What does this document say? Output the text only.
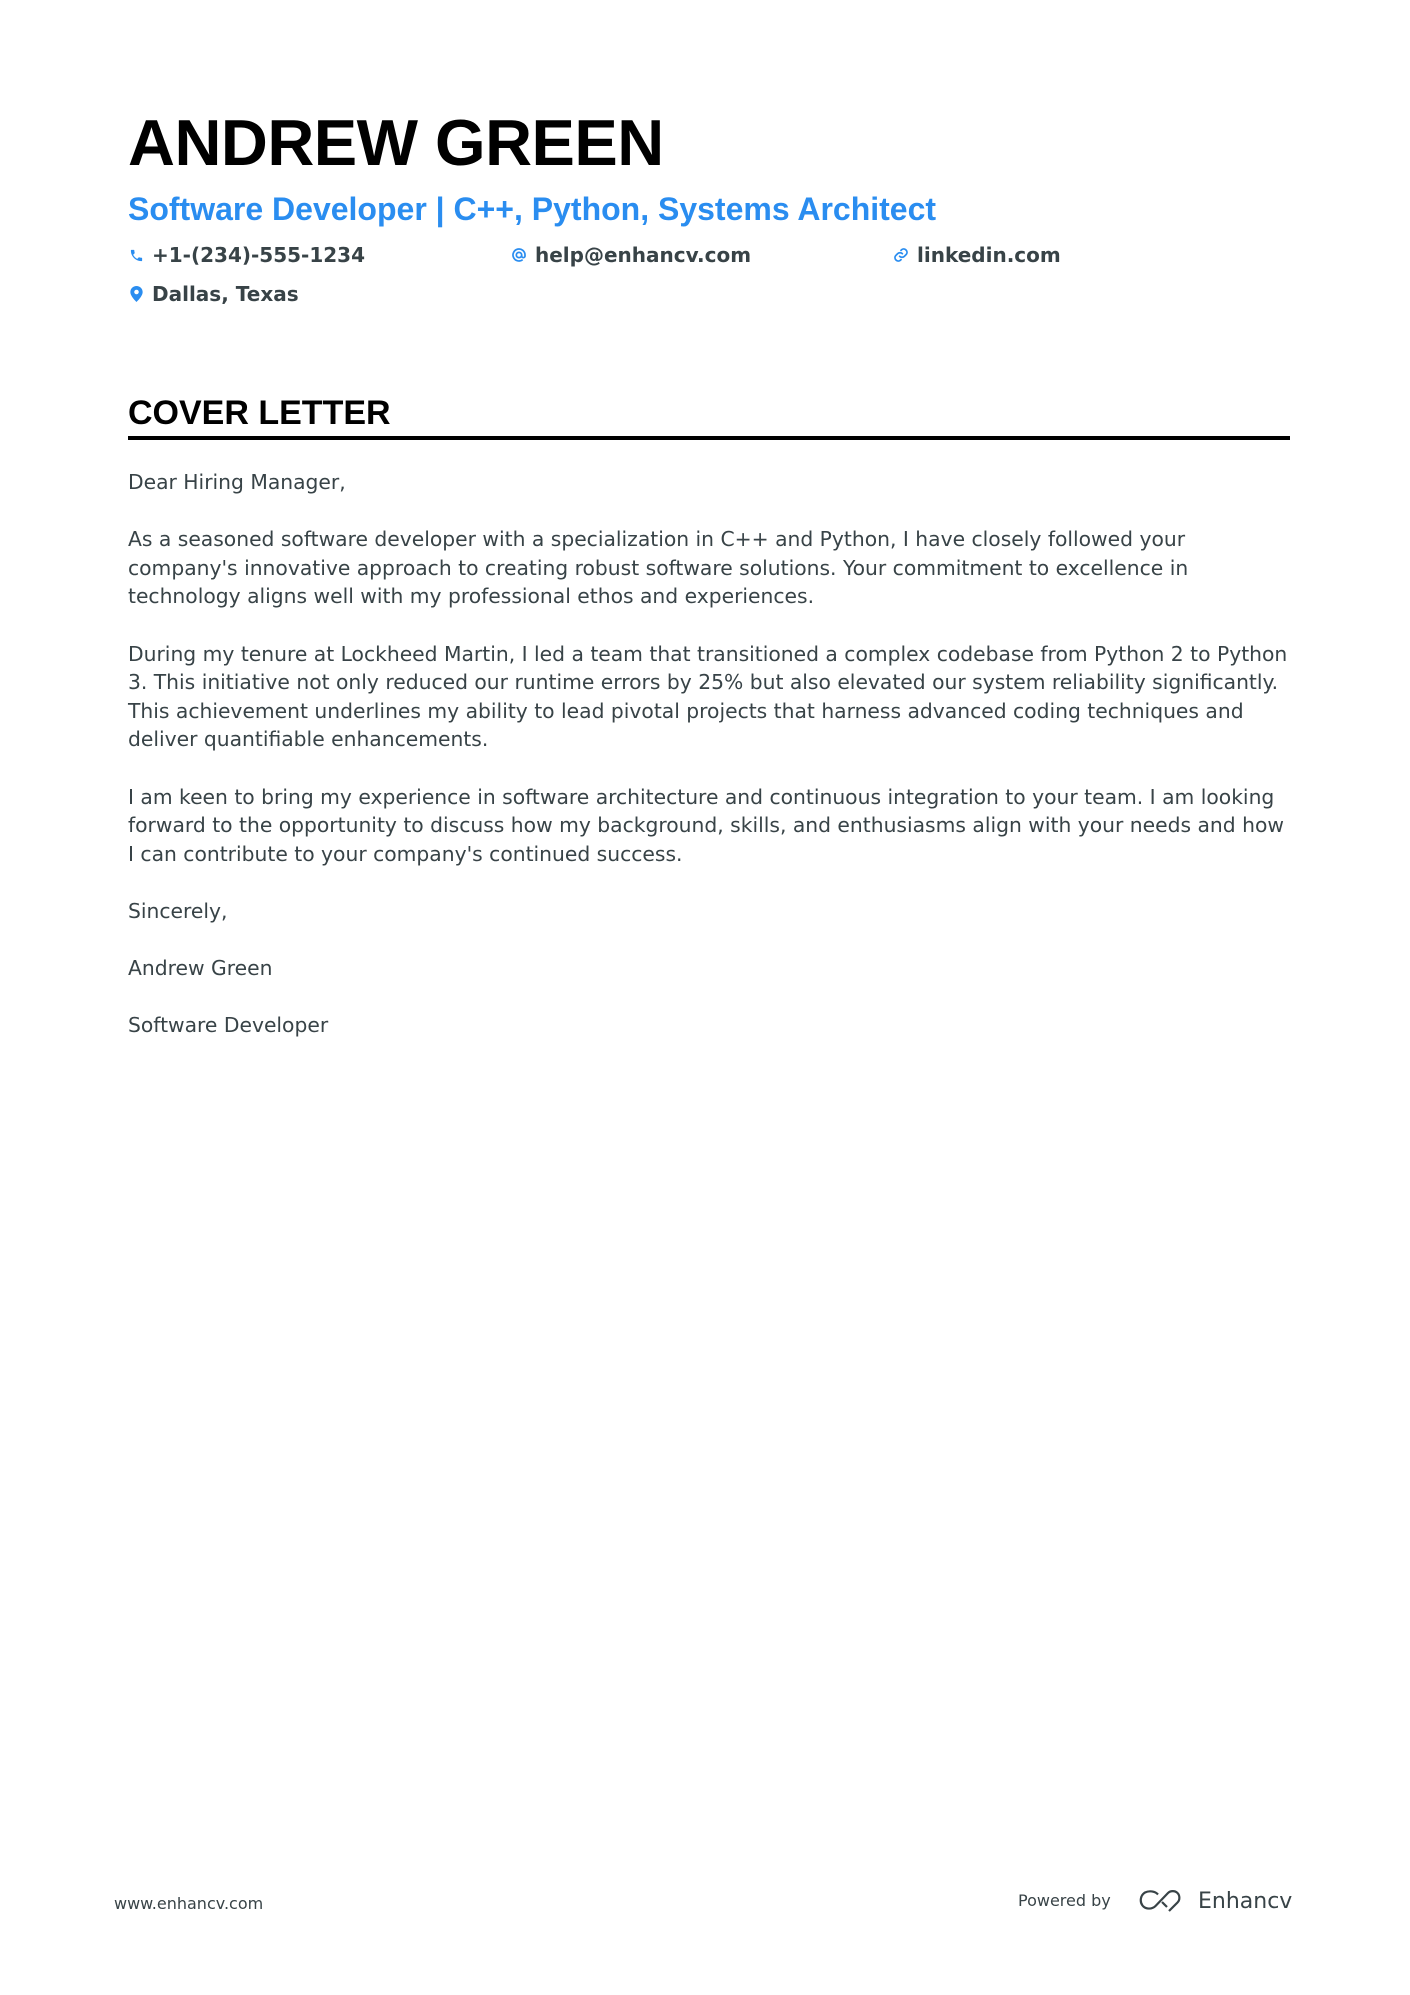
ANDREW GREEN
Software Developer | C++, Python, Systems Architect
+1-(234)-555-1234	help@enhancv.com	linkedin.com
Dallas, Texas
COVER LETTER

Dear Hiring Manager,

As a seasoned software developer with a specialization in C++ and Python, I have closely followed your company's innovative approach to creating robust software solutions. Your commitment to excellence in technology aligns well with my professional ethos and experiences.

During my tenure at Lockheed Martin, I led a team that transitioned a complex codebase from Python 2 to Python 3. This initiative not only reduced our runtime errors by 25% but also elevated our system reliability significantly. This achievement underlines my ability to lead pivotal projects that harness advanced coding techniques and deliver quantifiable enhancements.

I am keen to bring my experience in software architecture and continuous integration to your team. I am looking forward to the opportunity to discuss how my background, skills, and enthusiasms align with your needs and how I can contribute to your company's continued success.

Sincerely,

Andrew Green

Software Developer

www.enhancv.com	Powered by	Enhancv
